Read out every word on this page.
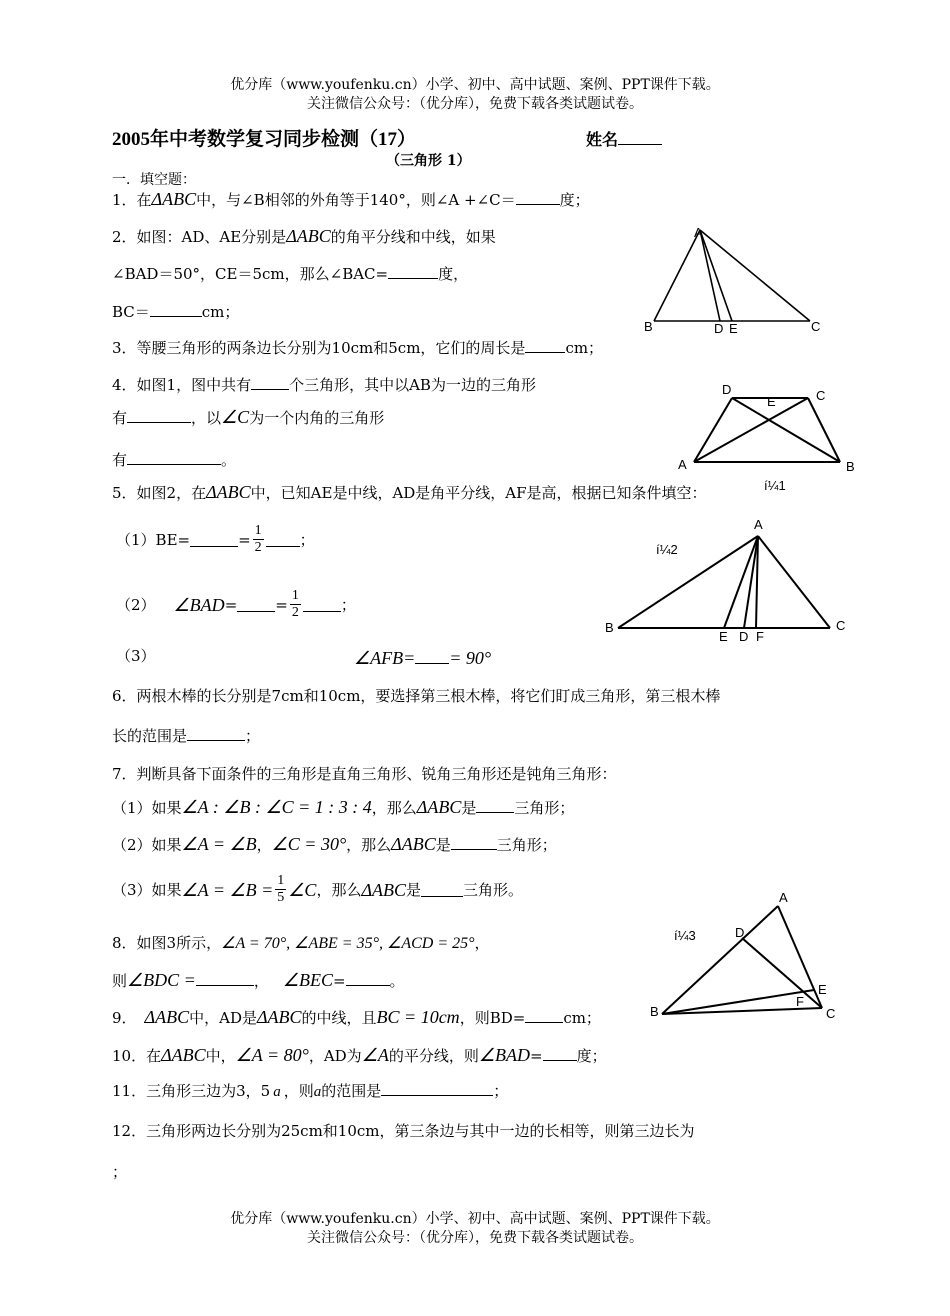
优分库（www.youfenku.cn）小学、初中、高中试题、案例、PPT课件下载。
关注微信公众号：（优分库），免费下载各类试题试卷。
2005年中考数学复习同步检测（17）	姓名
（三角形 1）
一．填空题：
1．在ΔABC中，与∠B相邻的外角等于140°，则∠A +∠C＝	度；
2．如图：AD、AE分别是ΔABC的角平分线和中线，如果
∠BAD＝50°，CE＝5cm，那么∠BAC=	度，
BC＝	cm；
3．等腰三角形的两条边长分别为10cm和5cm，它们的周长是	cm；
4．如图1，图中共有	个三角形，其中以AB为一边的三角形
有	，以∠C为一个内角的三角形
有	。
5．如图2，在ΔABC中，已知AE是中线，AD是角平分线，AF是高，根据已知条件填空：
（1）BE=	= $\frac{1}{2}$ ；
（2） ∠BAD =	= $\frac{1}{2}$	；
（3）	∠AFB= = 90°
6．两根木棒的长分别是7cm和10cm，要选择第三根木棒，将它们盯成三角形，第三根木棒
长的范围是	；
7．判断具备下面条件的三角形是直角三角形、锐角三角形还是钝角三角形：
（1）如果∠A : ∠B : ∠C = 1 : 3 : 4，那么ΔABC是	三角形；
（2）如果∠A = ∠B，∠C = 30°，那么ΔABC是	三角形；
（3）如果 ∠A = ∠B = $\frac{1}{5}$ ∠C ，那么 ΔABC 是	三角形。
8．如图3所示，∠A = 70°, ∠ABE = 35°, ∠ACD = 25°，
则∠BDC =	， ∠BEC=	。
9． ΔABC中，AD是ΔABC的中线，且BC = 10cm，则BD=	cm；
10．在ΔABC中，∠A = 80°，AD为∠A的平分线，则∠BAD= 度；
11．三角形三边为3，5 a ，则a的范围是	；
12．三角形两边长分别为25cm和10cm，第三条边与其中一边的长相等，则第三边长为
；
优分库（www.youfenku.cn）小学、初中、高中试题、案例、PPT课件下载。
关注微信公众号：（优分库），免费下载各类试题试卷。
A
B	D E	C
D
E	C
A	B
í¼1
A
í¼2
B	C
E D F
A
í¼3	D
E
F
B	C
